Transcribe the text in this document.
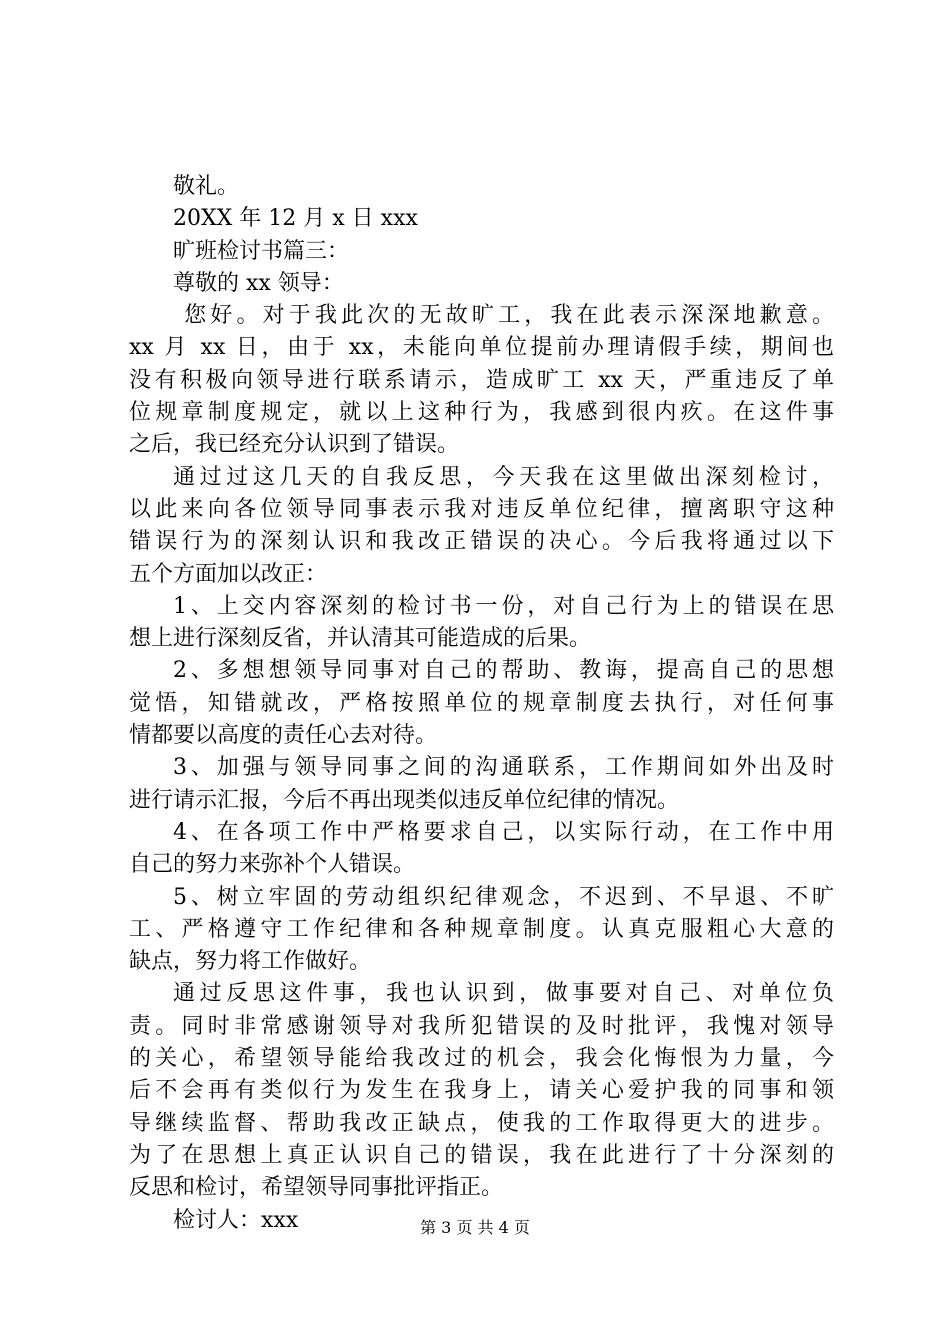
敬礼。
20XX 年 12 月 x 日 xxx
旷班检讨书篇三：
尊敬的 xx 领导：
您好。对于我此次的无故旷工，我在此表示深深地歉意。
xx 月 xx 日，由于 xx，未能向单位提前办理请假手续，期间也
没有积极向领导进行联系请示，造成旷工 xx 天，严重违反了单
位规章制度规定，就以上这种行为，我感到很内疚。在这件事
之后，我已经充分认识到了错误。
通过过这几天的自我反思，今天我在这里做出深刻检讨，
以此来向各位领导同事表示我对违反单位纪律，擅离职守这种
错误行为的深刻认识和我改正错误的决心。今后我将通过以下
五个方面加以改正：
1、上交内容深刻的检讨书一份，对自己行为上的错误在思
想上进行深刻反省，并认清其可能造成的后果。
2、多想想领导同事对自己的帮助、教诲，提高自己的思想
觉悟，知错就改，严格按照单位的规章制度去执行，对任何事
情都要以高度的责任心去对待。
3、加强与领导同事之间的沟通联系，工作期间如外出及时
进行请示汇报，今后不再出现类似违反单位纪律的情况。
4、在各项工作中严格要求自己，以实际行动，在工作中用
自己的努力来弥补个人错误。
5、树立牢固的劳动组织纪律观念，不迟到、不早退、不旷
工、严格遵守工作纪律和各种规章制度。认真克服粗心大意的
缺点，努力将工作做好。
通过反思这件事，我也认识到，做事要对自己、对单位负
责。同时非常感谢领导对我所犯错误的及时批评，我愧对领导
的关心，希望领导能给我改过的机会，我会化悔恨为力量，今
后不会再有类似行为发生在我身上，请关心爱护我的同事和领
导继续监督、帮助我改正缺点，使我的工作取得更大的进步。
为了在思想上真正认识自己的错误，我在此进行了十分深刻的
反思和检讨，希望领导同事批评指正。
检讨人：xxx	第 3 页 共 4 页
